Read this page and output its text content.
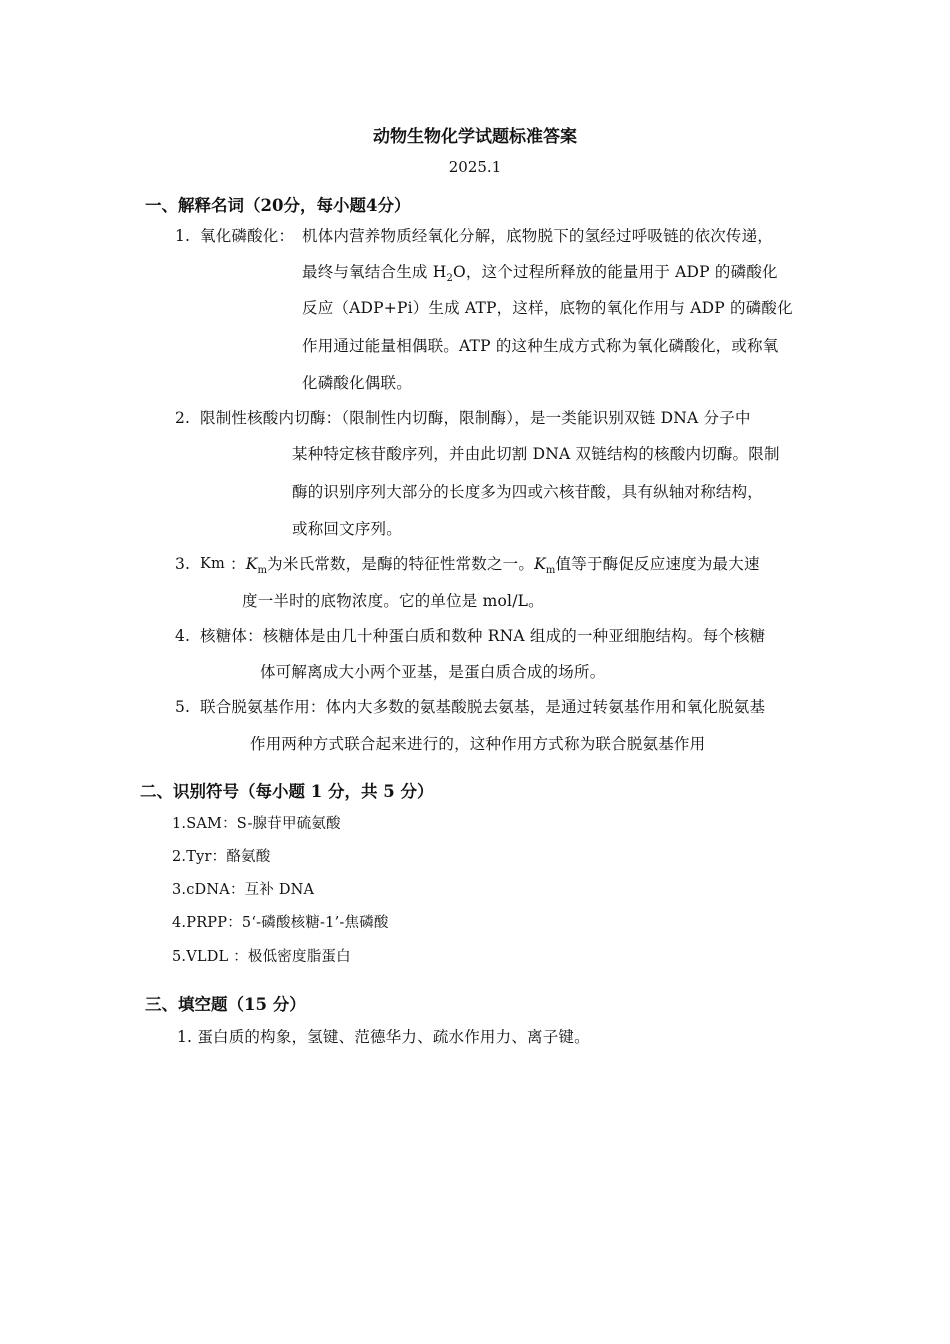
动物生物化学试题标准答案
2025.1
一、解释名词（20分，每小题4分）
1. 氧化磷酸化： 机体内营养物质经氧化分解，底物脱下的氢经过呼吸链的依次传递，
最终与氧结合生成 $H_2O$，这个过程所释放的能量用于 ADP 的磷酸化
反应（ADP+Pi）生成 ATP，这样，底物的氧化作用与 ADP 的磷酸化
作用通过能量相偶联。ATP 的这种生成方式称为氧化磷酸化，或称氧
化磷酸化偶联。
2. 限制性核酸内切酶：（限制性内切酶，限制酶），是一类能识别双链 DNA 分子中
某种特定核苷酸序列，并由此切割 DNA 双链结构的核酸内切酶。限制
酶的识别序列大部分的长度多为四或六核苷酸，具有纵轴对称结构，
或称回文序列。
3. Km ：$K_m$为米氏常数，是酶的特征性常数之一。$K_m$值等于酶促反应速度为最大速
度一半时的底物浓度。它的单位是 mol/L。
4. 核糖体：核糖体是由几十种蛋白质和数种 RNA 组成的一种亚细胞结构。每个核糖
体可解离成大小两个亚基，是蛋白质合成的场所。
5. 联合脱氨基作用：体内大多数的氨基酸脱去氨基，是通过转氨基作用和氧化脱氨基
作用两种方式联合起来进行的，这种作用方式称为联合脱氨基作用
二、识别符号（每小题 1 分，共 5 分）
1.SAM：S-腺苷甲硫氨酸
2.Tyr：酪氨酸
3.cDNA：互补 DNA
4.PRPP：5‘-磷酸核糖-1’-焦磷酸
5.VLDL ：极低密度脂蛋白
三、填空题（15 分）
1. 蛋白质的构象，氢键、范德华力、疏水作用力、离子键。
